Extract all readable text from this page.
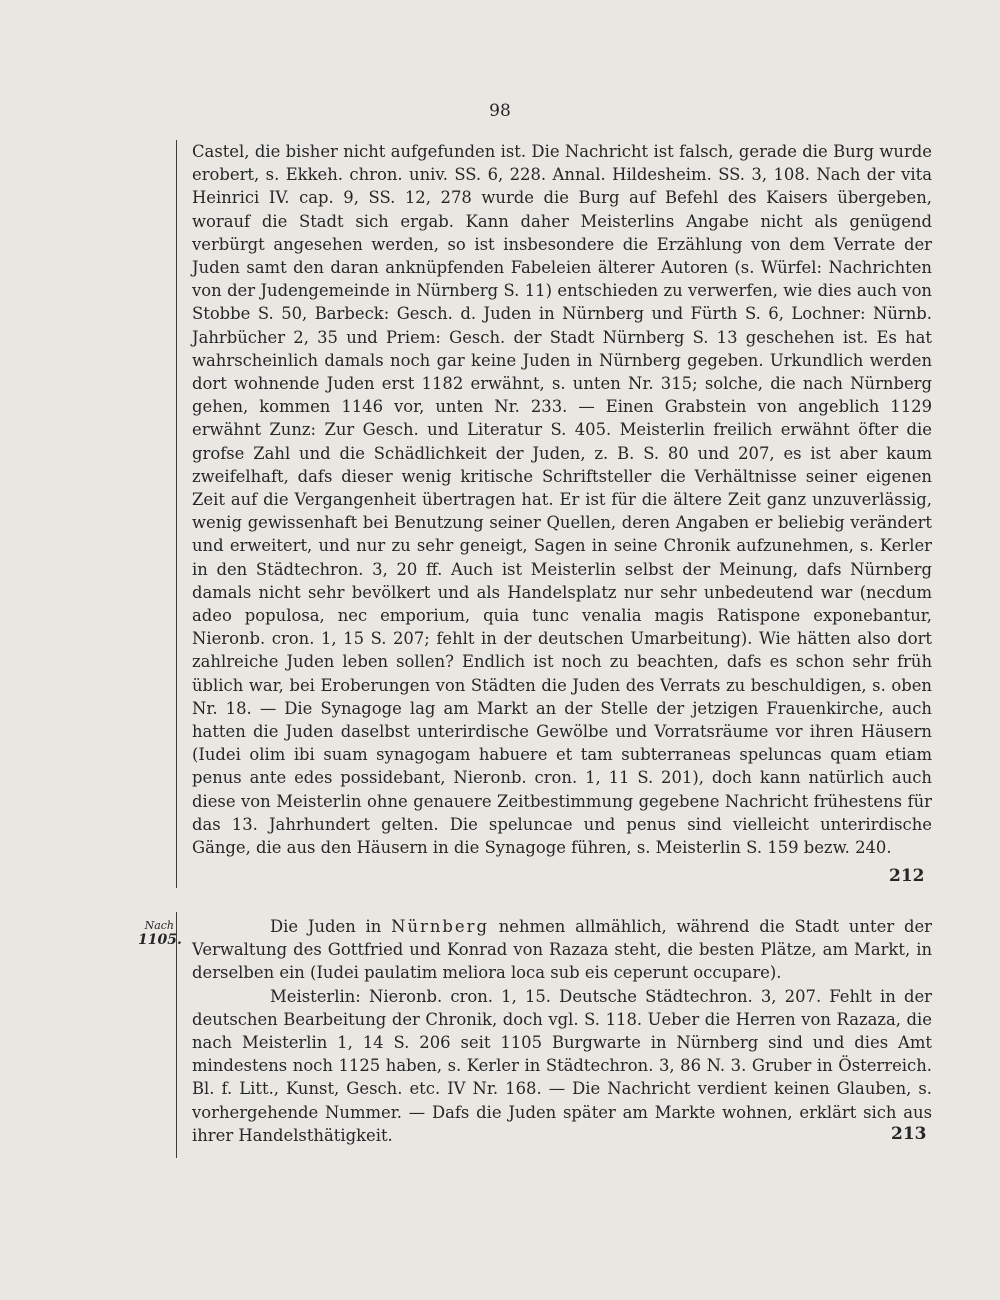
98

Castel, die bisher nicht aufgefunden ist. Die Nachricht ist falsch, gerade die Burg wurde erobert, s. Ekkeh. chron. univ. SS. 6, 228. Annal. Hildesheim. SS. 3, 108. Nach der vita Heinrici IV. cap. 9, SS. 12, 278 wurde die Burg auf Befehl des Kaisers übergeben, worauf die Stadt sich ergab. Kann daher Meisterlins Angabe nicht als genügend verbürgt angesehen werden, so ist insbesondere die Erzählung von dem Verrate der Juden samt den daran anknüpfenden Fabeleien älterer Autoren (s. Würfel: Nachrichten von der Judengemeinde in Nürnberg S. 11) entschieden zu verwerfen, wie dies auch von Stobbe S. 50, Barbeck: Gesch. d. Juden in Nürnberg und Fürth S. 6, Lochner: Nürnb. Jahrbücher 2, 35 und Priem: Gesch. der Stadt Nürnberg S. 13 geschehen ist. Es hat wahrscheinlich damals noch gar keine Juden in Nürnberg gegeben. Urkundlich werden dort wohnende Juden erst 1182 erwähnt, s. unten Nr. 315; solche, die nach Nürnberg gehen, kommen 1146 vor, unten Nr. 233. — Einen Grabstein von angeblich 1129 erwähnt Zunz: Zur Gesch. und Literatur S. 405. Meisterlin freilich erwähnt öfter die grofse Zahl und die Schädlichkeit der Juden, z. B. S. 80 und 207, es ist aber kaum zweifelhaft, dafs dieser wenig kritische Schriftsteller die Verhältnisse seiner eigenen Zeit auf die Vergangenheit übertragen hat. Er ist für die ältere Zeit ganz unzuverlässig, wenig gewissenhaft bei Benutzung seiner Quellen, deren Angaben er beliebig verändert und erweitert, und nur zu sehr geneigt, Sagen in seine Chronik aufzunehmen, s. Kerler in den Städtechron. 3, 20 ff. Auch ist Meisterlin selbst der Meinung, dafs Nürnberg damals nicht sehr bevölkert und als Handelsplatz nur sehr unbedeutend war (necdum adeo populosa, nec emporium, quia tunc venalia magis Ratispone exponebantur, Nieronb. cron. 1, 15 S. 207; fehlt in der deutschen Umarbeitung). Wie hätten also dort zahlreiche Juden leben sollen? Endlich ist noch zu beachten, dafs es schon sehr früh üblich war, bei Eroberungen von Städten die Juden des Verrats zu beschuldigen, s. oben Nr. 18. — Die Synagoge lag am Markt an der Stelle der jetzigen Frauenkirche, auch hatten die Juden daselbst unterirdische Gewölbe und Vorratsräume vor ihren Häusern (Iudei olim ibi suam synagogam habuere et tam subterraneas speluncas quam etiam penus ante edes possidebant, Nieronb. cron. 1, 11 S. 201), doch kann natürlich auch diese von Meisterlin ohne genauere Zeitbestimmung gegebene Nachricht frühestens für das 13. Jahrhundert gelten. Die speluncae und penus sind vielleicht unterirdische Gänge, die aus den Häusern in die Synagoge führen, s. Meisterlin S. 159 bezw. 240.

212
Nach
1105.

Die Juden in Nürnberg nehmen allmählich, während die Stadt unter der Verwaltung des Gottfried und Konrad von Razaza steht, die besten Plätze, am Markt, in derselben ein (Iudei paulatim meliora loca sub eis ceperunt occupare).

Meisterlin: Nieronb. cron. 1, 15. Deutsche Städtechron. 3, 207. Fehlt in der deutschen Bearbeitung der Chronik, doch vgl. S. 118. Ueber die Herren von Razaza, die nach Meisterlin 1, 14 S. 206 seit 1105 Burgwarte in Nürnberg sind und dies Amt mindestens noch 1125 haben, s. Kerler in Städtechron. 3, 86 N. 3. Gruber in Österreich. Bl. f. Litt., Kunst, Gesch. etc. IV Nr. 168. — Die Nachricht verdient keinen Glauben, s. vorhergehende Nummer. — Dafs die Juden später am Markte wohnen, erklärt sich aus ihrer Handelsthätigkeit.	213
